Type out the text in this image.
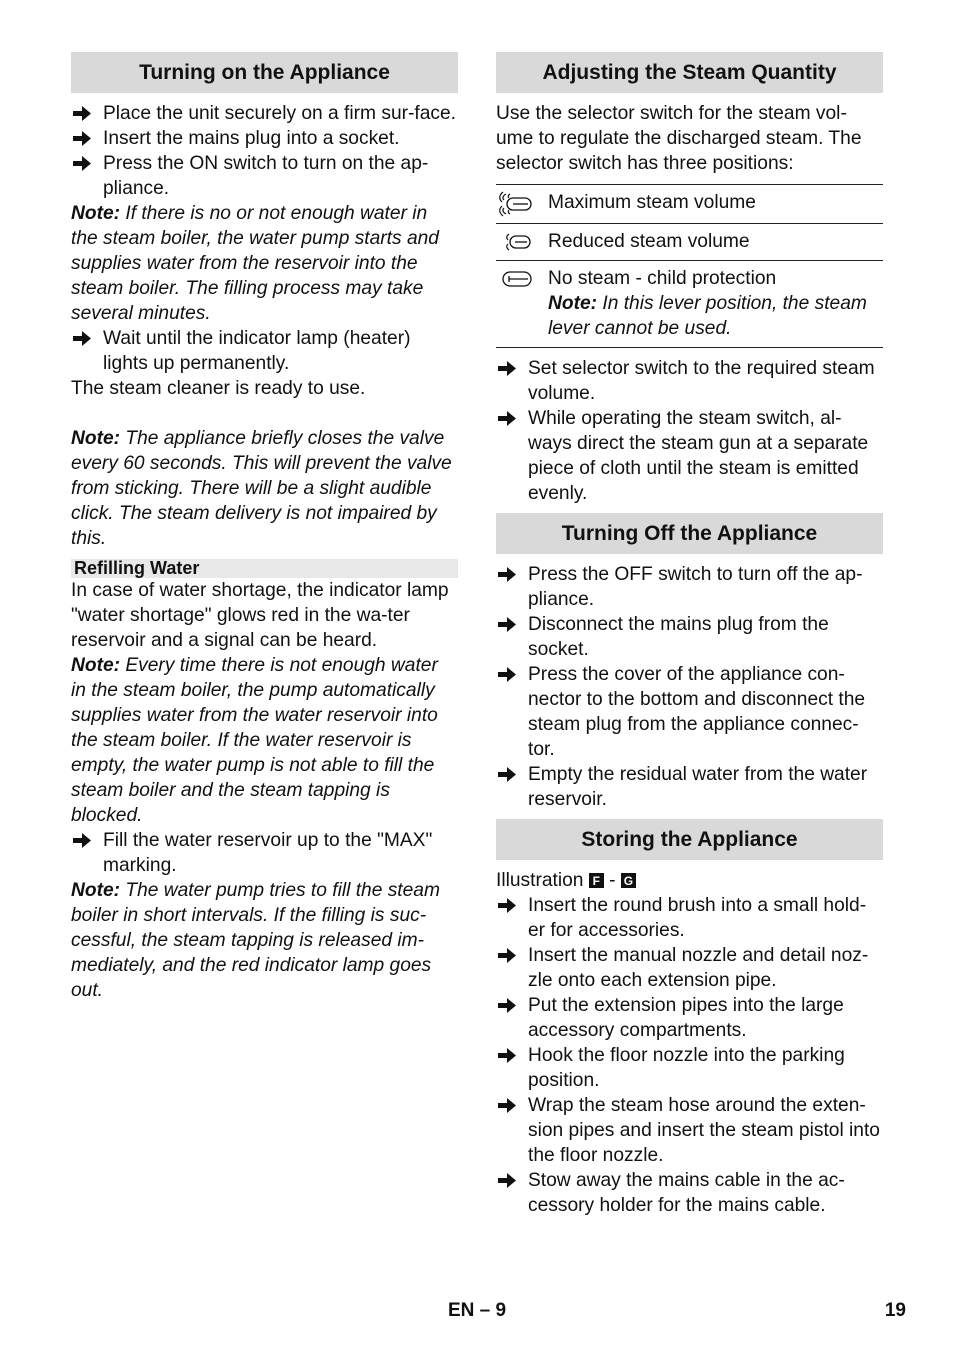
Turning on the Appliance
Place the unit securely on a firm sur-face.
Insert the mains plug into a socket.
Press the ON switch to turn on the ap-pliance.

Note: If there is no or not enough water in the steam boiler, the water pump starts and supplies water from the reservoir into the steam boiler. The filling process may take several minutes.

Wait until the indicator lamp (heater) lights up permanently.

The steam cleaner is ready to use.

Note: The appliance briefly closes the valve every 60 seconds. This will prevent the valve from sticking. There will be a slight audible click. The steam delivery is not impaired by this.

Refilling Water

In case of water shortage, the indicator lamp "water shortage" glows red in the wa-ter reservoir and a signal can be heard.

Note: Every time there is not enough water in the steam boiler, the pump automatically supplies water from the water reservoir into the steam boiler. If the water reservoir is empty, the water pump is not able to fill the steam boiler and the steam tapping is blocked.

Fill the water reservoir up to the "MAX" marking.

Note: The water pump tries to fill the steam boiler in short intervals. If the filling is suc-cessful, the steam tapping is released im-mediately, and the red indicator lamp goes out.

Adjusting the Steam Quantity

Use the selector switch for the steam vol-ume to regulate the discharged steam. The selector switch has three positions:

Maximum steam volume
Reduced steam volume
No steam - child protection
Note: In this lever position, the steam lever cannot be used.
Set selector switch to the required steam volume.
While operating the steam switch, al-ways direct the steam gun at a separate piece of cloth until the steam is emitted evenly.
Turning Off the Appliance
Press the OFF switch to turn off the ap-pliance.
Disconnect the mains plug from the socket.
Press the cover of the appliance con-nector to the bottom and disconnect the steam plug from the appliance connec-tor.
Empty the residual water from the water reservoir.
Storing the Appliance

Illustration F - G

Insert the round brush into a small hold-er for accessories.
Insert the manual nozzle and detail noz-zle onto each extension pipe.
Put the extension pipes into the large accessory compartments.
Hook the floor nozzle into the parking position.
Wrap the steam hose around the exten-sion pipes and insert the steam pistol into the floor nozzle.
Stow away the mains cable in the ac-cessory holder for the mains cable.
EN – 9	19
